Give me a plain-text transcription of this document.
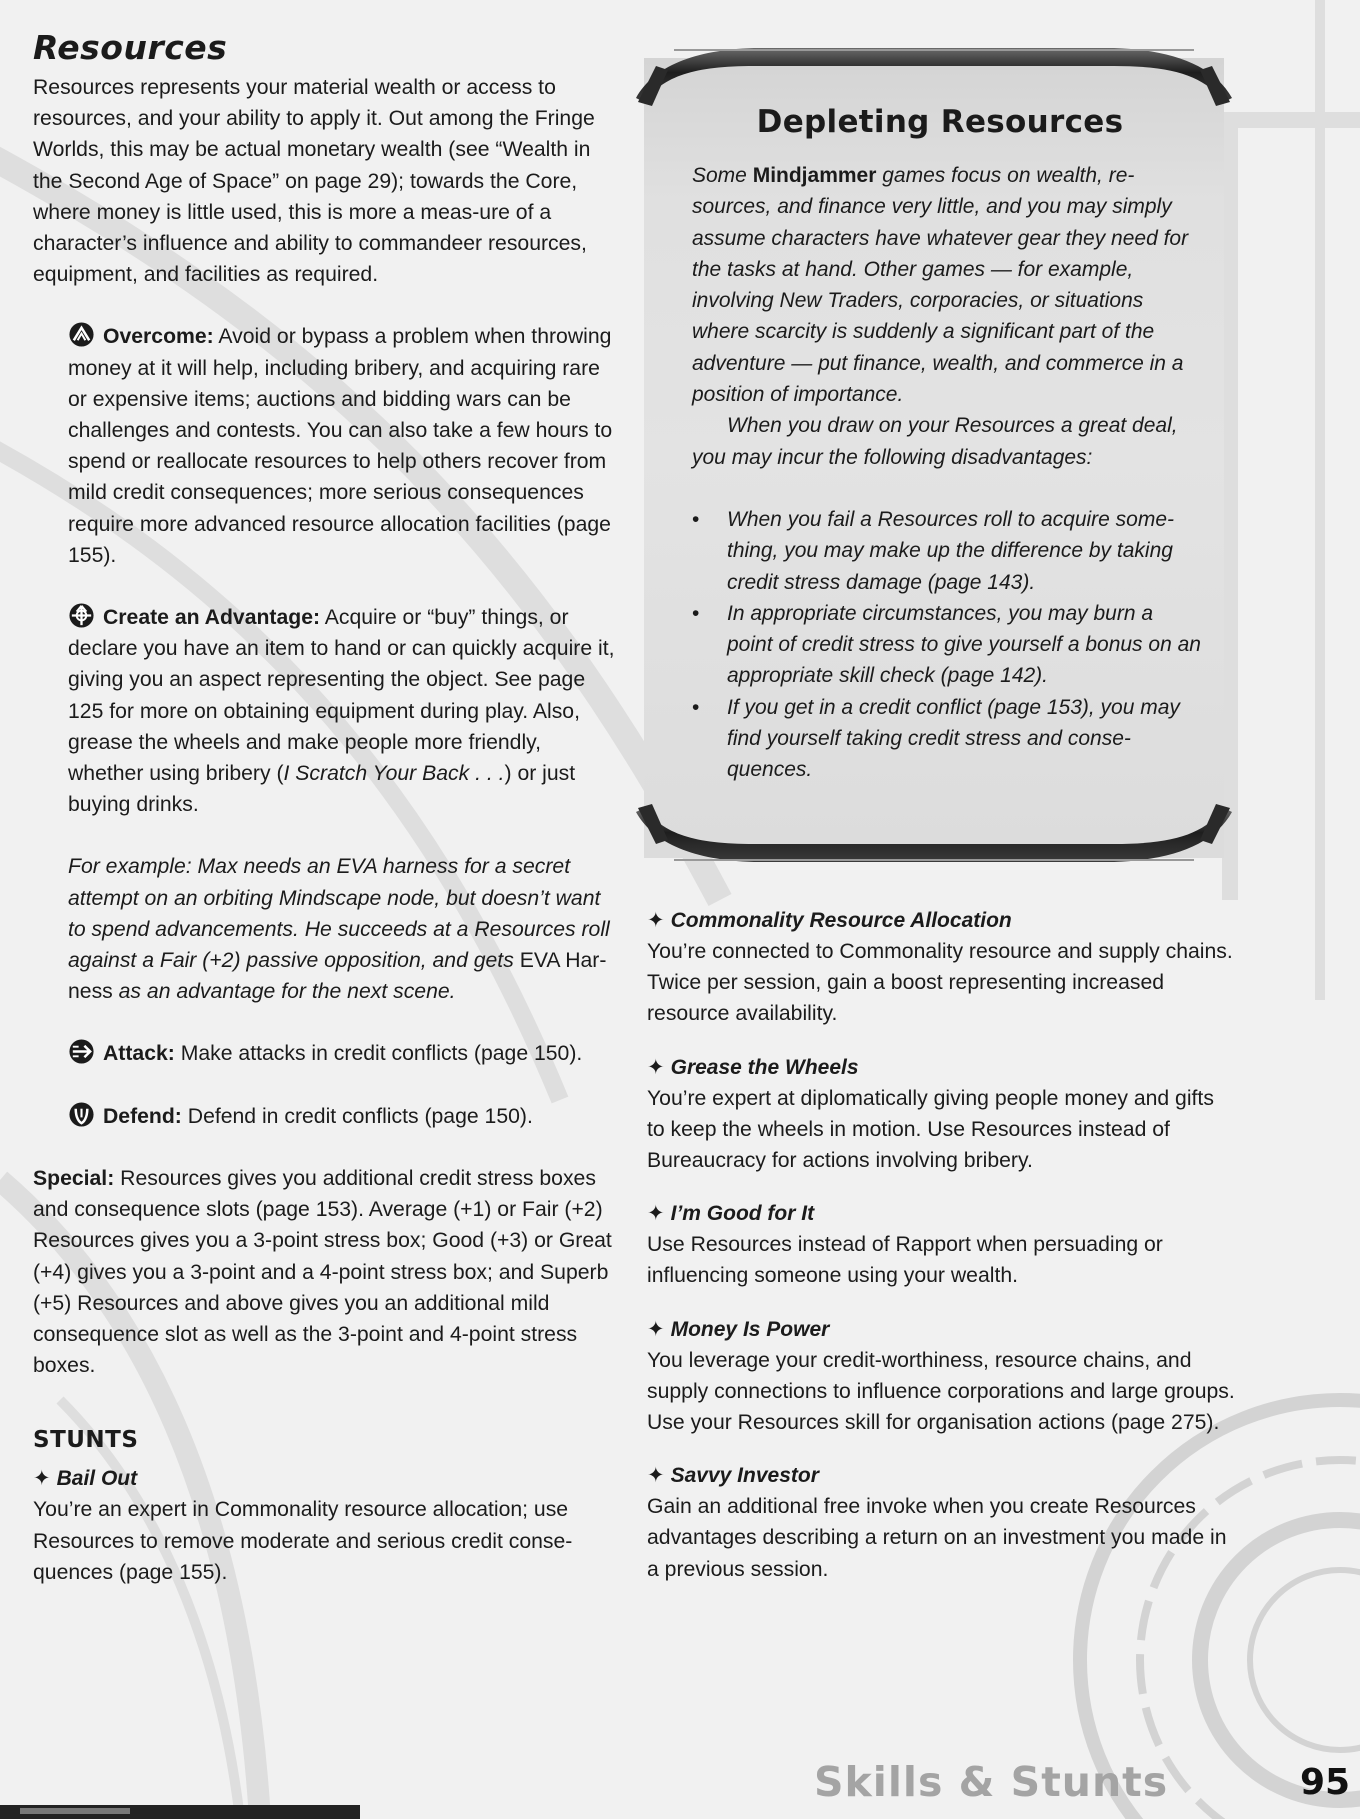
Resources

Resources represents your material wealth or access to resources, and your ability to apply it. Out among the Fringe Worlds, this may be actual monetary wealth (see “Wealth in the Second Age of Space” on page 29); towards the Core, where money is little used, this is more a meas-ure of a character’s influence and ability to commandeer resources, equipment, and facilities as required.

Overcome: Avoid or bypass a problem when throwing money at it will help, including bribery, and acquiring rare or expensive items; auctions and bidding wars can be challenges and contests. You can also take a few hours to spend or reallocate resources to help others recover from mild credit consequences; more serious consequences require more advanced resource allocation facilities (page 155).

Create an Advantage: Acquire or “buy” things, or declare you have an item to hand or can quickly acquire it, giving you an aspect representing the object. See page 125 for more on obtaining equipment during play. Also, grease the wheels and make people more friendly, whether using bribery (I Scratch Your Back . . .) or just buying drinks.

For example: Max needs an EVA harness for a secret attempt on an orbiting Mindscape node, but doesn’t want to spend advancements. He succeeds at a Resources roll against a Fair (+2) passive opposition, and gets EVA Har-ness as an advantage for the next scene.

Attack: Make attacks in credit conflicts (page 150).

Defend: Defend in credit conflicts (page 150).

Special: Resources gives you additional credit stress boxes and consequence slots (page 153). Average (+1) or Fair (+2) Resources gives you a 3-point stress box; Good (+3) or Great (+4) gives you a 3-point and a 4-point stress box; and Superb (+5) Resources and above gives you an additional mild consequence slot as well as the 3-point and 4-point stress boxes.

STUNTS

✦ Bail Out

You’re an expert in Commonality resource allocation; use Resources to remove moderate and serious credit conse-quences (page 155).

Depleting Resources

Some Mindjammer games focus on wealth, re-sources, and finance very little, and you may simply assume characters have whatever gear they need for the tasks at hand. Other games — for example, involving New Traders, corporacies, or situations where scarcity is suddenly a significant part of the adventure — put finance, wealth, and commerce in a position of importance.

When you draw on your Resources a great deal, you may incur the following disadvantages:

• When you fail a Resources roll to acquire some-thing, you may make up the difference by taking credit stress damage (page 143).
• In appropriate circumstances, you may burn a point of credit stress to give yourself a bonus on an appropriate skill check (page 142).
• If you get in a credit conflict (page 153), you may find yourself taking credit stress and conse-quences.

✦ Commonality Resource Allocation

You’re connected to Commonality resource and supply chains. Twice per session, gain a boost representing increased resource availability.

✦ Grease the Wheels

You’re expert at diplomatically giving people money and gifts to keep the wheels in motion. Use Resources instead of Bureaucracy for actions involving bribery.

✦ I’m Good for It

Use Resources instead of Rapport when persuading or influencing someone using your wealth.

✦ Money Is Power

You leverage your credit-worthiness, resource chains, and supply connections to influence corporations and large groups. Use your Resources skill for organisation actions (page 275).

✦ Savvy Investor

Gain an additional free invoke when you create Resources advantages describing a return on an investment you made in a previous session.

Skills & Stunts	95
